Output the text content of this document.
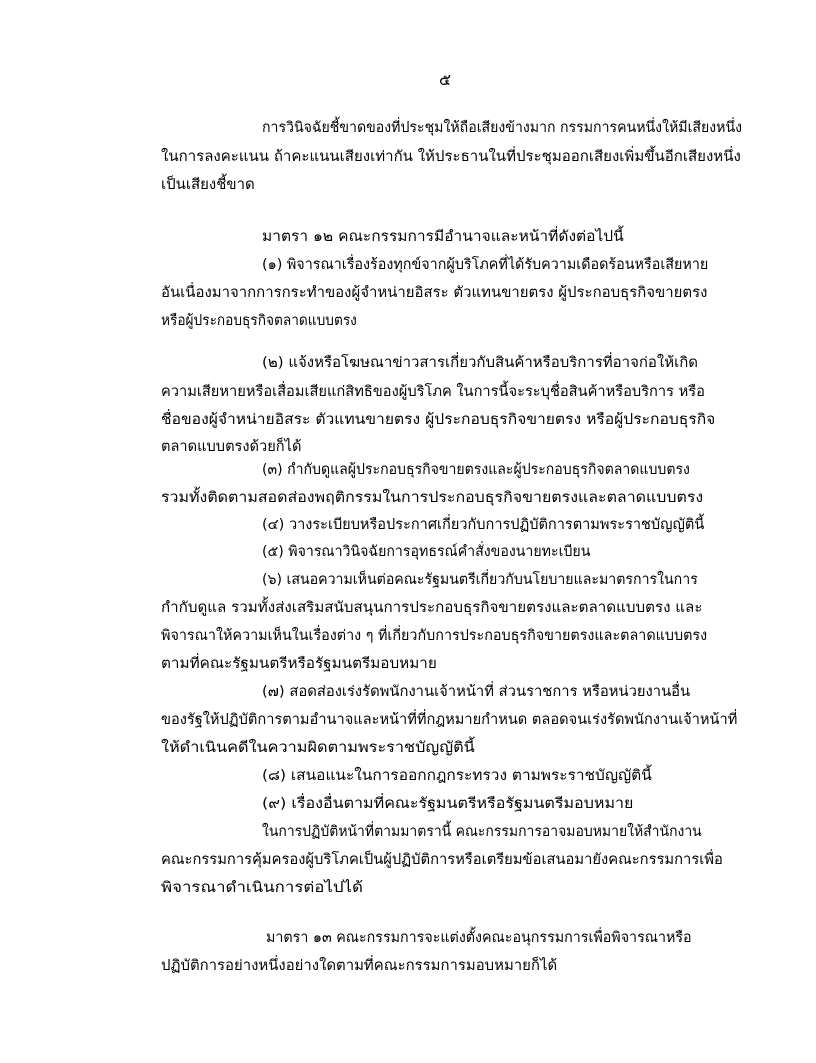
๕
การวินิจฉัยชี้ขาดของที่ประชุมให้ถือเสียงข้างมาก กรรมการคนหนึ่งให้มีเสียงหนึ่ง
ในการลงคะแนน ถ้าคะแนนเสียงเท่ากัน ให้ประธานในที่ประชุมออกเสียงเพิ่มขึ้นอีกเสียงหนึ่ง
เป็นเสียงชี้ขาด
มาตรา ๑๒ คณะกรรมการมีอำนาจและหน้าที่ดังต่อไปนี้
(๑) พิจารณาเรื่องร้องทุกข์จากผู้บริโภคที่ได้รับความเดือดร้อนหรือเสียหาย
อันเนื่องมาจากการกระทำของผู้จำหน่ายอิสระ ตัวแทนขายตรง ผู้ประกอบธุรกิจขายตรง
หรือผู้ประกอบธุรกิจตลาดแบบตรง
(๒) แจ้งหรือโฆษณาข่าวสารเกี่ยวกับสินค้าหรือบริการที่อาจก่อให้เกิด
ความเสียหายหรือเสื่อมเสียแก่สิทธิของผู้บริโภค ในการนี้จะระบุชื่อสินค้าหรือบริการ หรือ
ชื่อของผู้จำหน่ายอิสระ ตัวแทนขายตรง ผู้ประกอบธุรกิจขายตรง หรือผู้ประกอบธุรกิจ
ตลาดแบบตรงด้วยก็ได้
(๓) กำกับดูแลผู้ประกอบธุรกิจขายตรงและผู้ประกอบธุรกิจตลาดแบบตรง
รวมทั้งติดตามสอดส่องพฤติกรรมในการประกอบธุรกิจขายตรงและตลาดแบบตรง
(๔) วางระเบียบหรือประกาศเกี่ยวกับการปฏิบัติการตามพระราชบัญญัตินี้
(๕) พิจารณาวินิจฉัยการอุทธรณ์คำสั่งของนายทะเบียน
(๖) เสนอความเห็นต่อคณะรัฐมนตรีเกี่ยวกับนโยบายและมาตรการในการ
กำกับดูแล รวมทั้งส่งเสริมสนับสนุนการประกอบธุรกิจขายตรงและตลาดแบบตรง และ
พิจารณาให้ความเห็นในเรื่องต่าง ๆ ที่เกี่ยวกับการประกอบธุรกิจขายตรงและตลาดแบบตรง
ตามที่คณะรัฐมนตรีหรือรัฐมนตรีมอบหมาย
(๗) สอดส่องเร่งรัดพนักงานเจ้าหน้าที่ ส่วนราชการ หรือหน่วยงานอื่น
ของรัฐให้ปฏิบัติการตามอำนาจและหน้าที่ที่กฎหมายกำหนด ตลอดจนเร่งรัดพนักงานเจ้าหน้าที่
ให้ดำเนินคดีในความผิดตามพระราชบัญญัตินี้
(๘) เสนอแนะในการออกกฎกระทรวง ตามพระราชบัญญัตินี้
(๙) เรื่องอื่นตามที่คณะรัฐมนตรีหรือรัฐมนตรีมอบหมาย
ในการปฏิบัติหน้าที่ตามมาตรานี้ คณะกรรมการอาจมอบหมายให้สำนักงาน
คณะกรรมการคุ้มครองผู้บริโภคเป็นผู้ปฏิบัติการหรือเตรียมข้อเสนอมายังคณะกรรมการเพื่อ
พิจารณาดำเนินการต่อไปได้
มาตรา ๑๓ คณะกรรมการจะแต่งตั้งคณะอนุกรรมการเพื่อพิจารณาหรือ
ปฏิบัติการอย่างหนึ่งอย่างใดตามที่คณะกรรมการมอบหมายก็ได้
